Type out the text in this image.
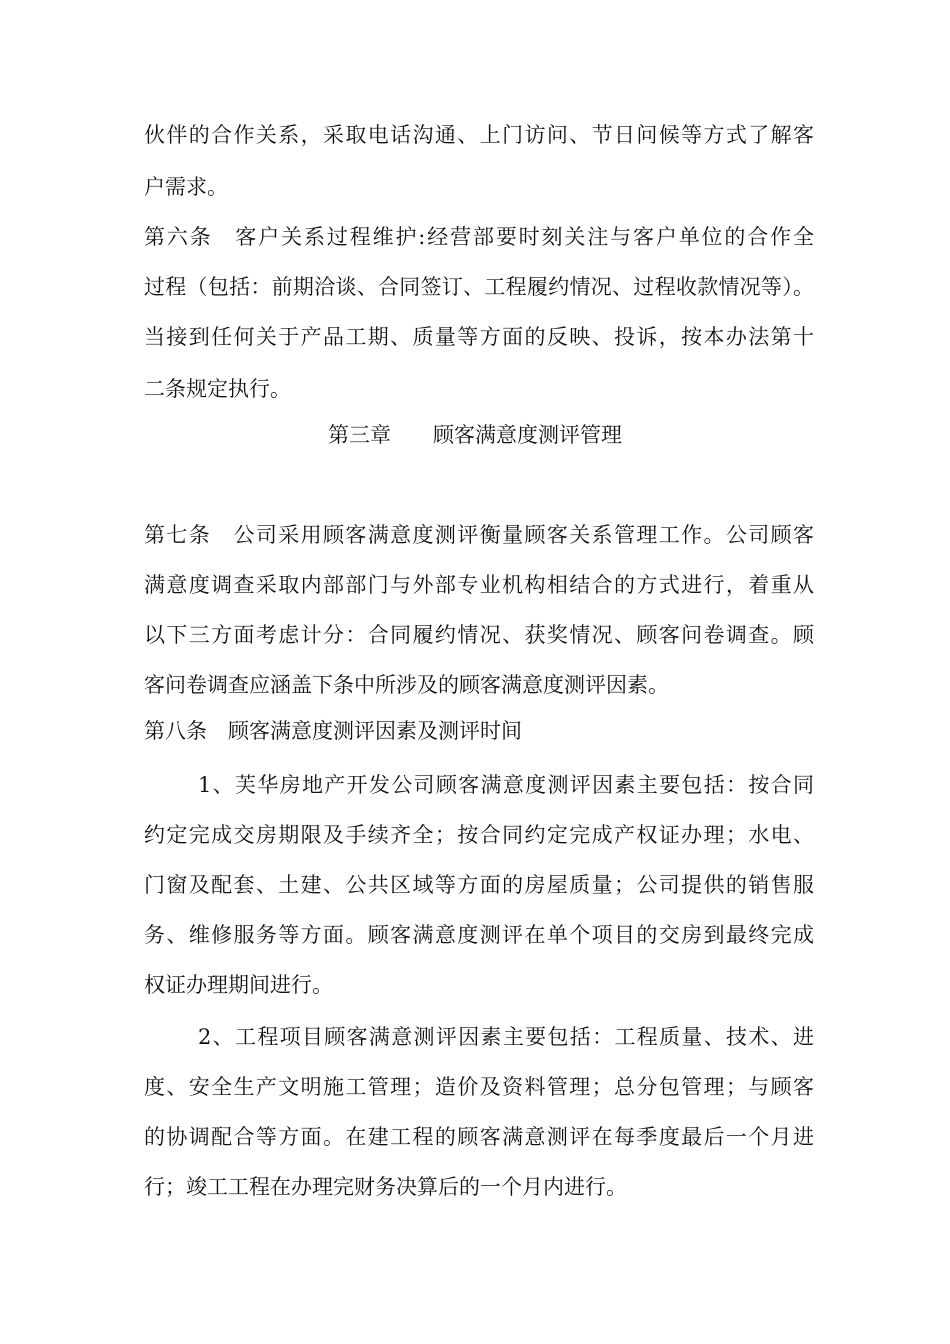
伙伴的合作关系，采取电话沟通、上门访问、节日问候等方式了解客
户需求。
第六条　客户关系过程维护:经营部要时刻关注与客户单位的合作全
过程（包括：前期洽谈、合同签订、工程履约情况、过程收款情况等）。
当接到任何关于产品工期、质量等方面的反映、投诉，按本办法第十
二条规定执行。
第三章 顾客满意度测评管理
第七条　公司采用顾客满意度测评衡量顾客关系管理工作。公司顾客
满意度调查采取内部部门与外部专业机构相结合的方式进行，着重从
以下三方面考虑计分：合同履约情况、获奖情况、顾客问卷调查。顾
客问卷调查应涵盖下条中所涉及的顾客满意度测评因素。
第八条　顾客满意度测评因素及测评时间
1、芙华房地产开发公司顾客满意度测评因素主要包括：按合同
约定完成交房期限及手续齐全；按合同约定完成产权证办理；水电、
门窗及配套、土建、公共区域等方面的房屋质量；公司提供的销售服
务、维修服务等方面。顾客满意度测评在单个项目的交房到最终完成
权证办理期间进行。
2、工程项目顾客满意测评因素主要包括：工程质量、技术、进
度、安全生产文明施工管理；造价及资料管理；总分包管理；与顾客
的协调配合等方面。在建工程的顾客满意测评在每季度最后一个月进
行；竣工工程在办理完财务决算后的一个月内进行。
